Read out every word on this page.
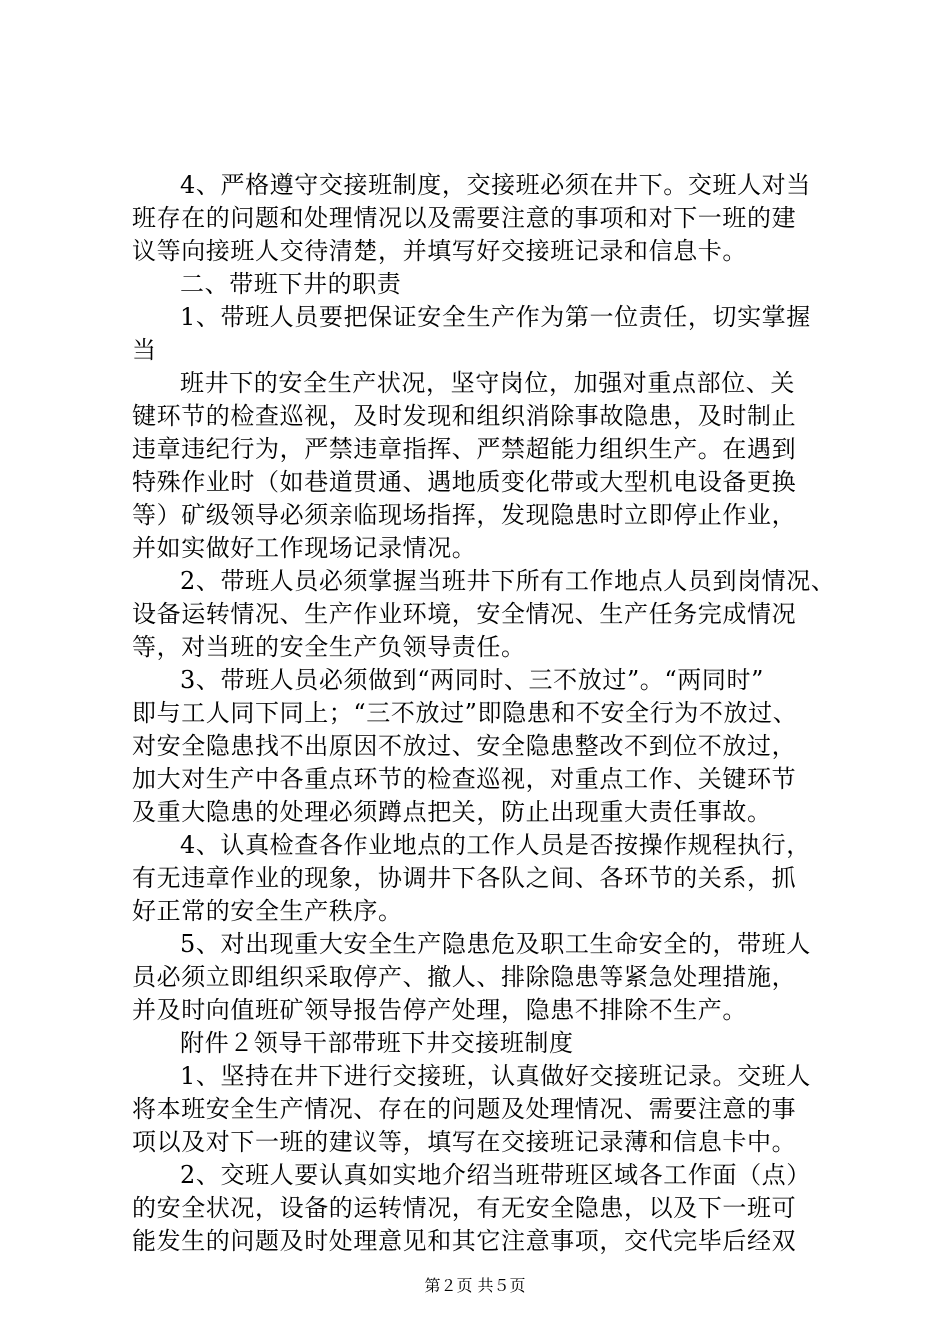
4、严格遵守交接班制度，交接班必须在井下。交班人对当
班存在的问题和处理情况以及需要注意的事项和对下一班的建
议等向接班人交待清楚，并填写好交接班记录和信息卡。
二、带班下井的职责
1、带班人员要把保证安全生产作为第一位责任，切实掌握
当
班井下的安全生产状况，坚守岗位，加强对重点部位、关
键环节的检查巡视，及时发现和组织消除事故隐患，及时制止
违章违纪行为，严禁违章指挥、严禁超能力组织生产。在遇到
特殊作业时（如巷道贯通、遇地质变化带或大型机电设备更换
等）矿级领导必须亲临现场指挥，发现隐患时立即停止作业，
并如实做好工作现场记录情况。
2、带班人员必须掌握当班井下所有工作地点人员到岗情况、
设备运转情况、生产作业环境，安全情况、生产任务完成情况
等，对当班的安全生产负领导责任。
3、带班人员必须做到“两同时、三不放过”。“两同时”
即与工人同下同上；“三不放过”即隐患和不安全行为不放过、
对安全隐患找不出原因不放过、安全隐患整改不到位不放过，
加大对生产中各重点环节的检查巡视，对重点工作、关键环节
及重大隐患的处理必须蹲点把关，防止出现重大责任事故。
4、认真检查各作业地点的工作人员是否按操作规程执行，
有无违章作业的现象，协调井下各队之间、各环节的关系，抓
好正常的安全生产秩序。
5、对出现重大安全生产隐患危及职工生命安全的，带班人
员必须立即组织采取停产、撤人、排除隐患等紧急处理措施，
并及时向值班矿领导报告停产处理，隐患不排除不生产。
附件２领导干部带班下井交接班制度
1、坚持在井下进行交接班，认真做好交接班记录。交班人
将本班安全生产情况、存在的问题及处理情况、需要注意的事
项以及对下一班的建议等，填写在交接班记录薄和信息卡中。
2、交班人要认真如实地介绍当班带班区域各工作面（点）
的安全状况，设备的运转情况，有无安全隐患，以及下一班可
能发生的问题及时处理意见和其它注意事项，交代完毕后经双
第２页 共５页
